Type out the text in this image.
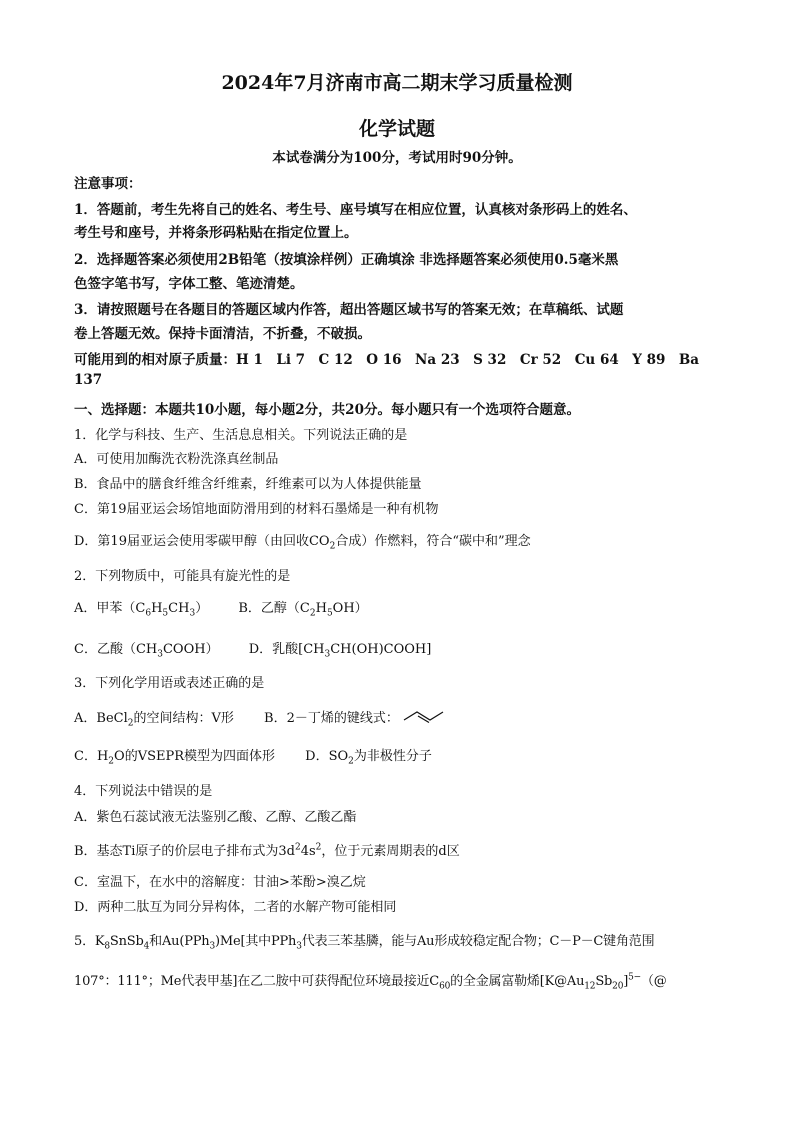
2024年7月济南市高二期末学习质量检测
化学试题
本试卷满分为100分，考试用时90分钟。
注意事项：
1．答题前，考生先将自己的姓名、考生号、座号填写在相应位置，认真核对条形码上的姓名、
考生号和座号，并将条形码粘贴在指定位置上。
2．选择题答案必须使用2B铅笔（按填涂样例）正确填涂 非选择题答案必须使用0.5毫米黑
色签字笔书写，字体工整、笔迹清楚。
3．请按照题号在各题目的答题区域内作答，超出答题区域书写的答案无效；在草稿纸、试题
卷上答题无效。保持卡面清洁，不折叠，不破损。
可能用到的相对原子质量：H 1　Li 7　C 12　O 16　Na 23　S 32　Cr 52　Cu 64　Y 89　Ba
137
一、选择题：本题共10小题，每小题2分，共20分。每小题只有一个选项符合题意。
1．化学与科技、生产、生活息息相关。下列说法正确的是
A．可使用加酶洗衣粉洗涤真丝制品
B．食品中的膳食纤维含纤维素，纤维素可以为人体提供能量
C．第19届亚运会场馆地面防滑用到的材料石墨烯是一种有机物
D．第19届亚运会使用零碳甲醇（由回收$CO_2$合成）作燃料，符合“碳中和”理念
2．下列物质中，可能具有旋光性的是
A．甲苯$(C_6H_5CH_3)$ B．乙醇$(C_2H_5OH)$
C．乙酸$(CH_3COOH)$ D．乳酸$[CH_3CH(OH)COOH]$
3．下列化学用语或表述正确的是
A．BeCl$_2$的空间结构：V形 B．2－丁烯的键线式：
C．$H_2O$的VSEPR模型为四面体形 D．$SO_2$为非极性分子
4．下列说法中错误的是
A．紫色石蕊试液无法鉴别乙酸、乙醇、乙酸乙酯
B．基态Ti原子的价层电子排布式为$3d^24s^2$，位于元素周期表的d区
C．室温下，在水中的溶解度：甘油>苯酚>溴乙烷
D．两种二肽互为同分异构体，二者的水解产物可能相同
5．$K_8SnSb_4$和Au(PPh$_3$)Me[其中PPh$_3$代表三苯基膦，能与Au形成较稳定配合物；C－P－C键角范围
107°：111°；Me代表甲基]在乙二胺中可获得配位环境最接近$C_{60}$的全金属富勒烯$[K@Au_{12}Sb_{20}]^{5-}(@$
